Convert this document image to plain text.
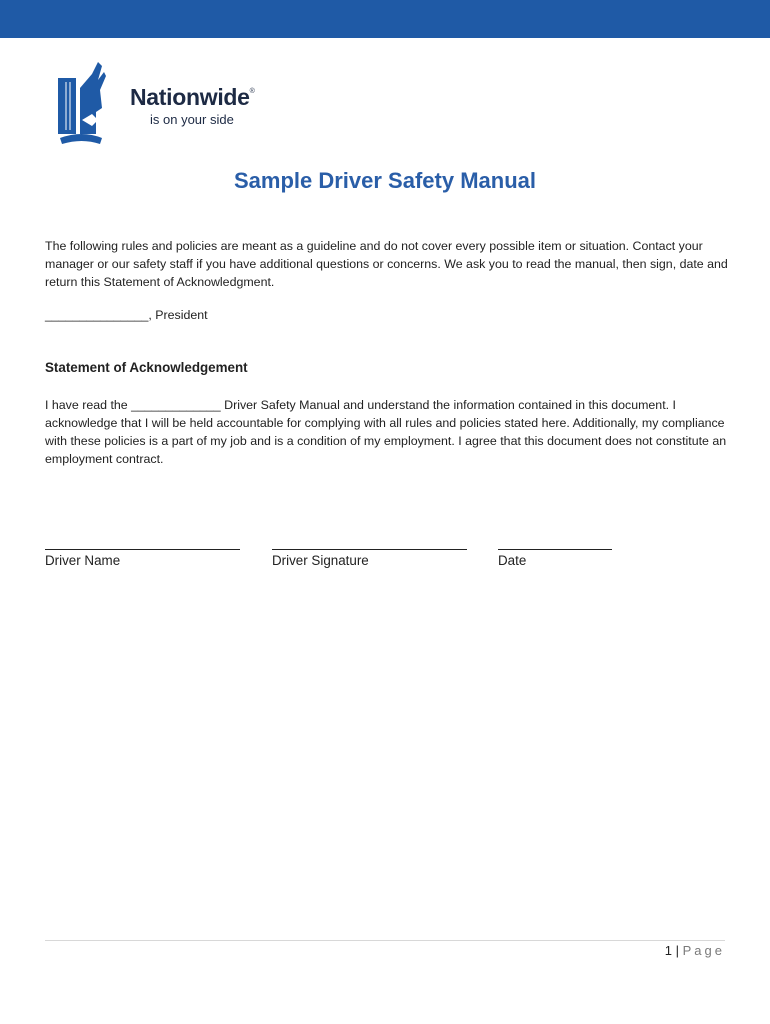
Nationwide®
is on your side
Sample Driver Safety Manual
The following rules and policies are meant as a guideline and do not cover every possible item or situation. Contact your manager or our safety staff if you have additional questions or concerns. We ask you to read the manual, then sign, date and return this Statement of Acknowledgment.
_______________, President
Statement of Acknowledgement
I have read the _____________ Driver Safety Manual and understand the information contained in this document. I acknowledge that I will be held accountable for complying with all rules and policies stated here. Additionally, my compliance with these policies is a part of my job and is a condition of my employment. I agree that this document does not constitute an employment contract.
Driver Name	Driver Signature	Date
1 | Page
